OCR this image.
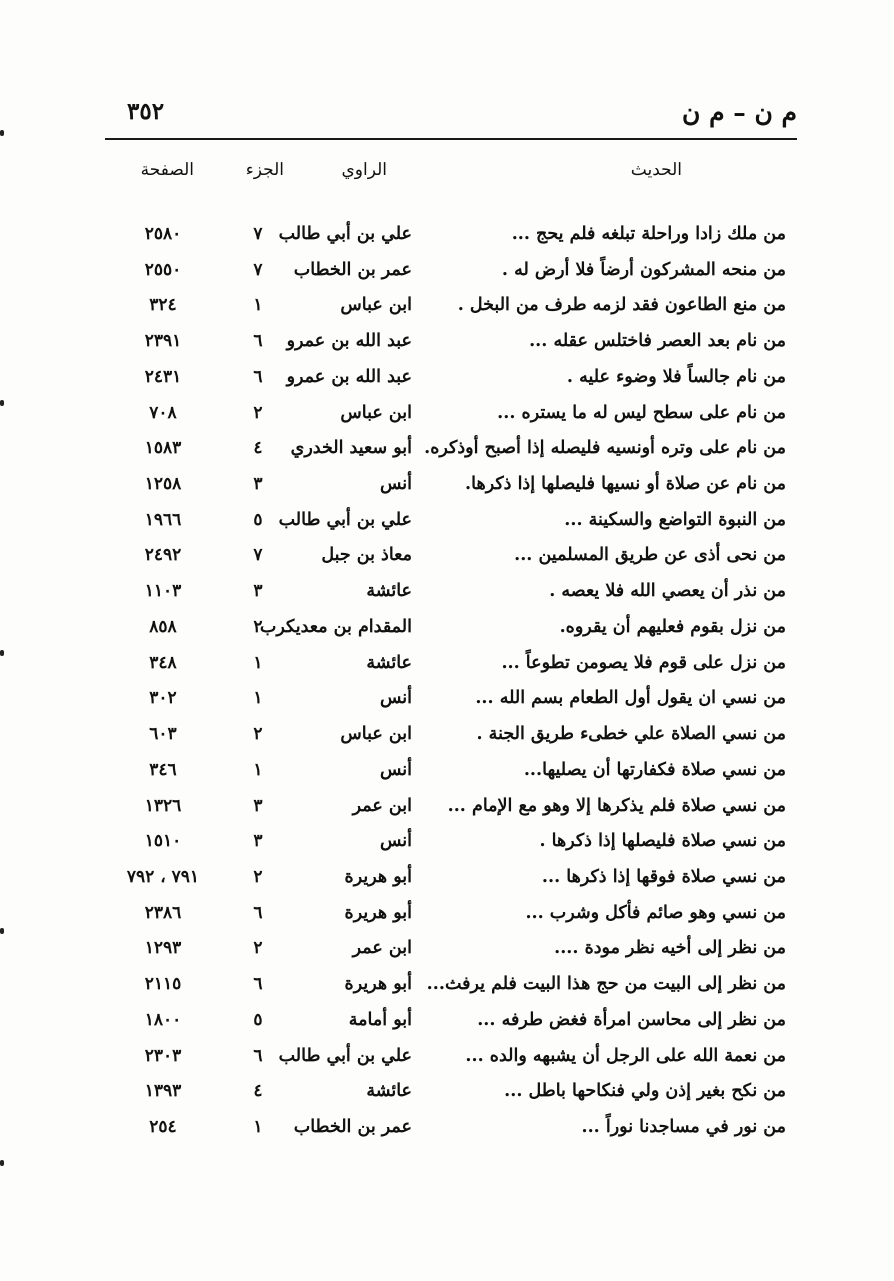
م ن – م ن
٣٥٢
الحديث
الراوي
الجزء
الصفحة
من ملك زادا وراحلة تبلغه فلم يحج ...
علي بن أبي طالب
٧
٢٥٨٠
من منحه المشركون أرضاً فلا أرض له .
عمر بن الخطاب
٧
٢٥٥٠
من منع الطاعون فقد لزمه طرف من البخل .
ابن عباس
١
٣٢٤
من نام بعد العصر فاختلس عقله ...
عبد الله بن عمرو
٦
٢٣٩١
من نام جالساً فلا وضوء عليه .
عبد الله بن عمرو
٦
٢٤٣١
من نام على سطح ليس له ما يستره ...
ابن عباس
٢
٧٠٨
من نام على وتره أونسيه فليصله إذا أصبح أوذكره.
أبو سعيد الخدري
٤
١٥٨٣
من نام عن صلاة أو نسيها فليصلها إذا ذكرها.
أنس
٣
١٢٥٨
من النبوة التواضع والسكينة ...
علي بن أبي طالب
٥
١٩٦٦
من نحى أذى عن طريق المسلمين ...
معاذ بن جبل
٧
٢٤٩٢
من نذر أن يعصي الله فلا يعصه .
عائشة
٣
١١٠٣
من نزل بقوم فعليهم أن يقروه.
المقدام بن معديكرب
٢
٨٥٨
من نزل على قوم فلا يصومن تطوعاً ...
عائشة
١
٣٤٨
من نسي ان يقول أول الطعام بسم الله ...
أنس
١
٣٠٢
من نسي الصلاة علي خطىء طريق الجنة .
ابن عباس
٢
٦٠٣
من نسي صلاة فكفارتها أن يصليها...
أنس
١
٣٤٦
من نسي صلاة فلم يذكرها إلا وهو مع الإمام ...
ابن عمر
٣
١٣٢٦
من نسي صلاة فليصلها إذا ذكرها .
أنس
٣
١٥١٠
من نسي صلاة فوقها إذا ذكرها ...
أبو هريرة
٢
٧٩١ ، ٧٩٢
من نسي وهو صائم فأكل وشرب ...
أبو هريرة
٦
٢٣٨٦
من نظر إلى أخيه نظر مودة ....
ابن عمر
٢
١٢٩٣
من نظر إلى البيت من حج هذا البيت فلم يرفث...
أبو هريرة
٦
٢١١٥
من نظر إلى محاسن امرأة فغض طرفه ...
أبو أمامة
٥
١٨٠٠
من نعمة الله على الرجل أن يشبهه والده ...
علي بن أبي طالب
٦
٢٣٠٣
من نكح بغير إذن ولي فنكاحها باطل ...
عائشة
٤
١٣٩٣
من نور في مساجدنا نوراً ...
عمر بن الخطاب
١
٢٥٤
